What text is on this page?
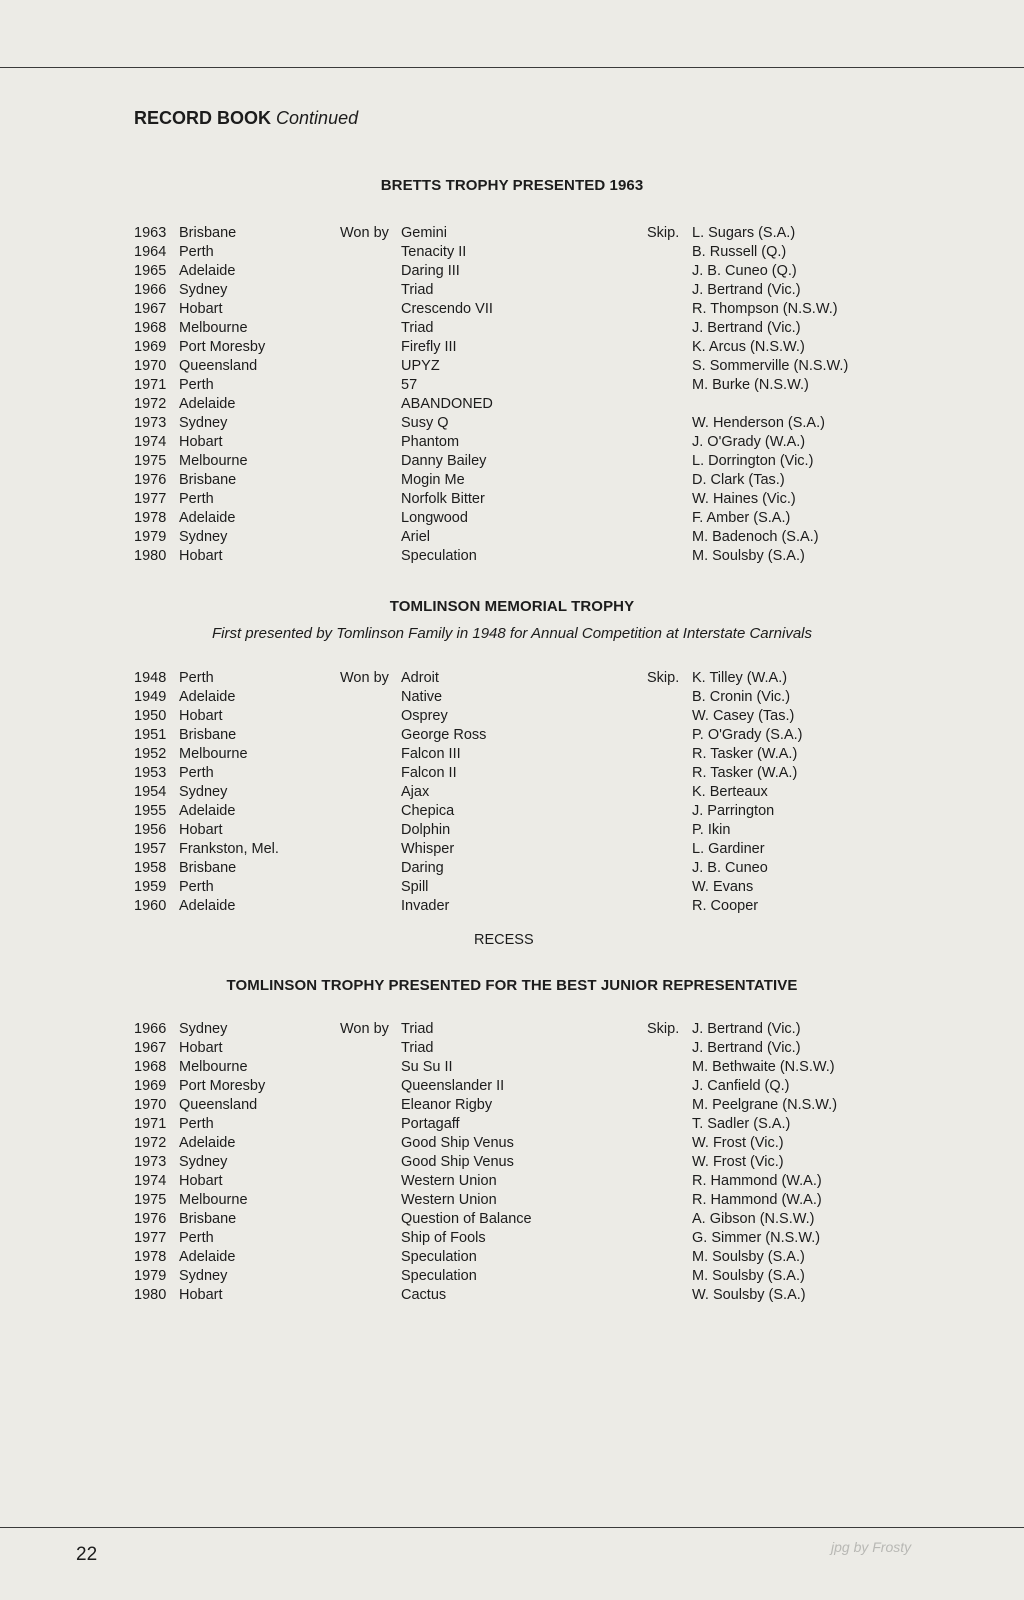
RECORD BOOK Continued
BRETTS TROPHY PRESENTED 1963
1963 Brisbane	Won by Gemini	Skip. L. Sugars (S.A.)
1964 Perth	Tenacity II	B. Russell (Q.)
1965 Adelaide	Daring III	J. B. Cuneo (Q.)
1966 Sydney	Triad	J. Bertrand (Vic.)
1967 Hobart	Crescendo VII	R. Thompson (N.S.W.)
1968 Melbourne	Triad	J. Bertrand (Vic.)
1969 Port Moresby	Firefly III	K. Arcus (N.S.W.)
1970 Queensland	UPYZ	S. Sommerville (N.S.W.)
1971 Perth	57	M. Burke (N.S.W.)
1972 Adelaide	ABANDONED
1973 Sydney	Susy Q	W. Henderson (S.A.)
1974 Hobart	Phantom	J. O'Grady (W.A.)
1975 Melbourne	Danny Bailey	L. Dorrington (Vic.)
1976 Brisbane	Mogin Me	D. Clark (Tas.)
1977 Perth	Norfolk Bitter	W. Haines (Vic.)
1978 Adelaide	Longwood	F. Amber (S.A.)
1979 Sydney	Ariel	M. Badenoch (S.A.)
1980 Hobart	Speculation	M. Soulsby (S.A.)
TOMLINSON MEMORIAL TROPHY
First presented by Tomlinson Family in 1948 for Annual Competition at Interstate Carnivals
1948 Perth	Won by Adroit	Skip. K. Tilley (W.A.)
1949 Adelaide	Native	B. Cronin (Vic.)
1950 Hobart	Osprey	W. Casey (Tas.)
1951 Brisbane	George Ross	P. O'Grady (S.A.)
1952 Melbourne	Falcon III	R. Tasker (W.A.)
1953 Perth	Falcon II	R. Tasker (W.A.)
1954 Sydney	Ajax	K. Berteaux
1955 Adelaide	Chepica	J. Parrington
1956 Hobart	Dolphin	P. Ikin
1957 Frankston, Mel.	Whisper	L. Gardiner
1958 Brisbane	Daring	J. B. Cuneo
1959 Perth	Spill	W. Evans
1960 Adelaide	Invader	R. Cooper
RECESS
TOMLINSON TROPHY PRESENTED FOR THE BEST JUNIOR REPRESENTATIVE
1966 Sydney	Won by Triad	Skip. J. Bertrand (Vic.)
1967 Hobart	Triad	J. Bertrand (Vic.)
1968 Melbourne	Su Su II	M. Bethwaite (N.S.W.)
1969 Port Moresby	Queenslander II	J. Canfield (Q.)
1970 Queensland	Eleanor Rigby	M. Peelgrane (N.S.W.)
1971 Perth	Portagaff	T. Sadler (S.A.)
1972 Adelaide	Good Ship Venus	W. Frost (Vic.)
1973 Sydney	Good Ship Venus	W. Frost (Vic.)
1974 Hobart	Western Union	R. Hammond (W.A.)
1975 Melbourne	Western Union	R. Hammond (W.A.)
1976 Brisbane	Question of Balance	A. Gibson (N.S.W.)
1977 Perth	Ship of Fools	G. Simmer (N.S.W.)
1978 Adelaide	Speculation	M. Soulsby (S.A.)
1979 Sydney	Speculation	M. Soulsby (S.A.)
1980 Hobart	Cactus	W. Soulsby (S.A.)
22	jpg by Frosty
